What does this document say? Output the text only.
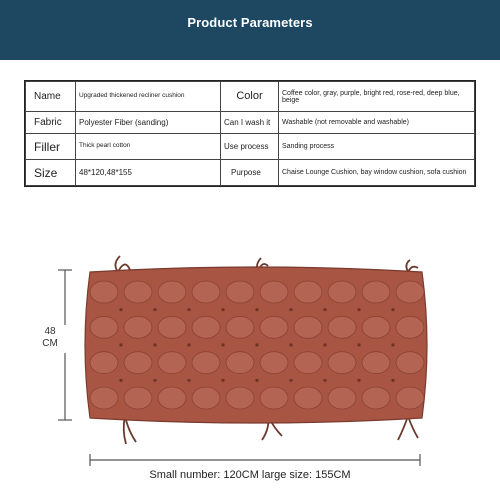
Product Parameters
Name	Upgraded thickened recliner cushion	Color	Coffee color, gray, purple, bright red, rose-red, deep blue, beige
Fabric	Polyester Fiber (sanding)	Can I wash it	Washable (not removable and washable)
Filler	Thick pearl cotton	Use process	Sanding process
Size	48*120,48*155	Purpose	Chaise Lounge Cushion, bay window cushion, sofa cushion
48
CM
Small number: 120CM large size: 155CM
